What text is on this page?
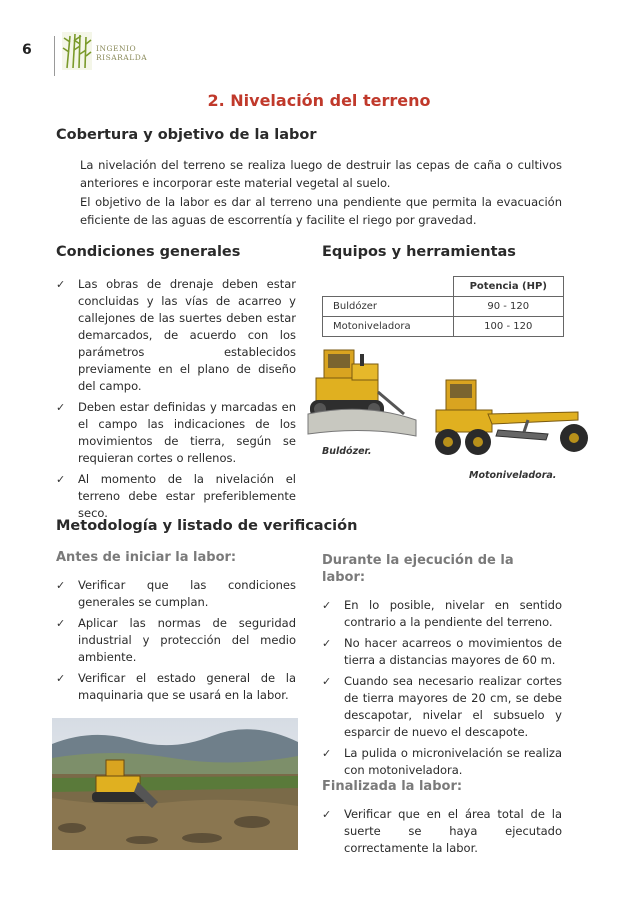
6	INGENIO
RISARALDA
2. Nivelación del terreno
Cobertura y objetivo de la labor
La nivelación del terreno se realiza luego de destruir las cepas de caña o cultivos anteriores e incorporar este material vegetal al suelo.
El objetivo de la labor es dar al terreno una pendiente que permita la evacuación eficiente de las aguas de escorrentía y facilite el riego por gravedad.
Condiciones generales
✓ Las obras de drenaje deben estar concluidas y las vías de acarreo y callejones de las suertes deben estar demarcados, de acuerdo con los parámetros establecidos previamente en el plano de diseño del campo.
✓ Deben estar definidas y marcadas en el campo las indicaciones de los movimientos de tierra, según se requieran cortes o rellenos.
✓ Al momento de la nivelación el terreno debe estar preferiblemente seco.
Equipos y herramientas
	Potencia (HP)
Buldózer	90 - 120
Motoniveladora	100 - 120
Buldózer.
Motoniveladora.
Metodología y listado de verificación
Antes de iniciar la labor:
✓ Verificar que las condiciones generales se cumplan.
✓ Aplicar las normas de seguridad industrial y protección del medio ambiente.
✓ Verificar el estado general de la maquinaria que se usará en la labor.
Durante la ejecución de la labor:
✓ En lo posible, nivelar en sentido contrario a la pendiente del terreno.
✓ No hacer acarreos o movimientos de tierra a distancias mayores de 60 m.
✓ Cuando sea necesario realizar cortes de tierra mayores de 20 cm, se debe descapotar, nivelar el subsuelo y esparcir de nuevo el descapote.
✓ La pulida o micronivelación se realiza con motoniveladora.
Finalizada la labor:
✓ Verificar que en el área total de la suerte se haya ejecutado correctamente la labor.
